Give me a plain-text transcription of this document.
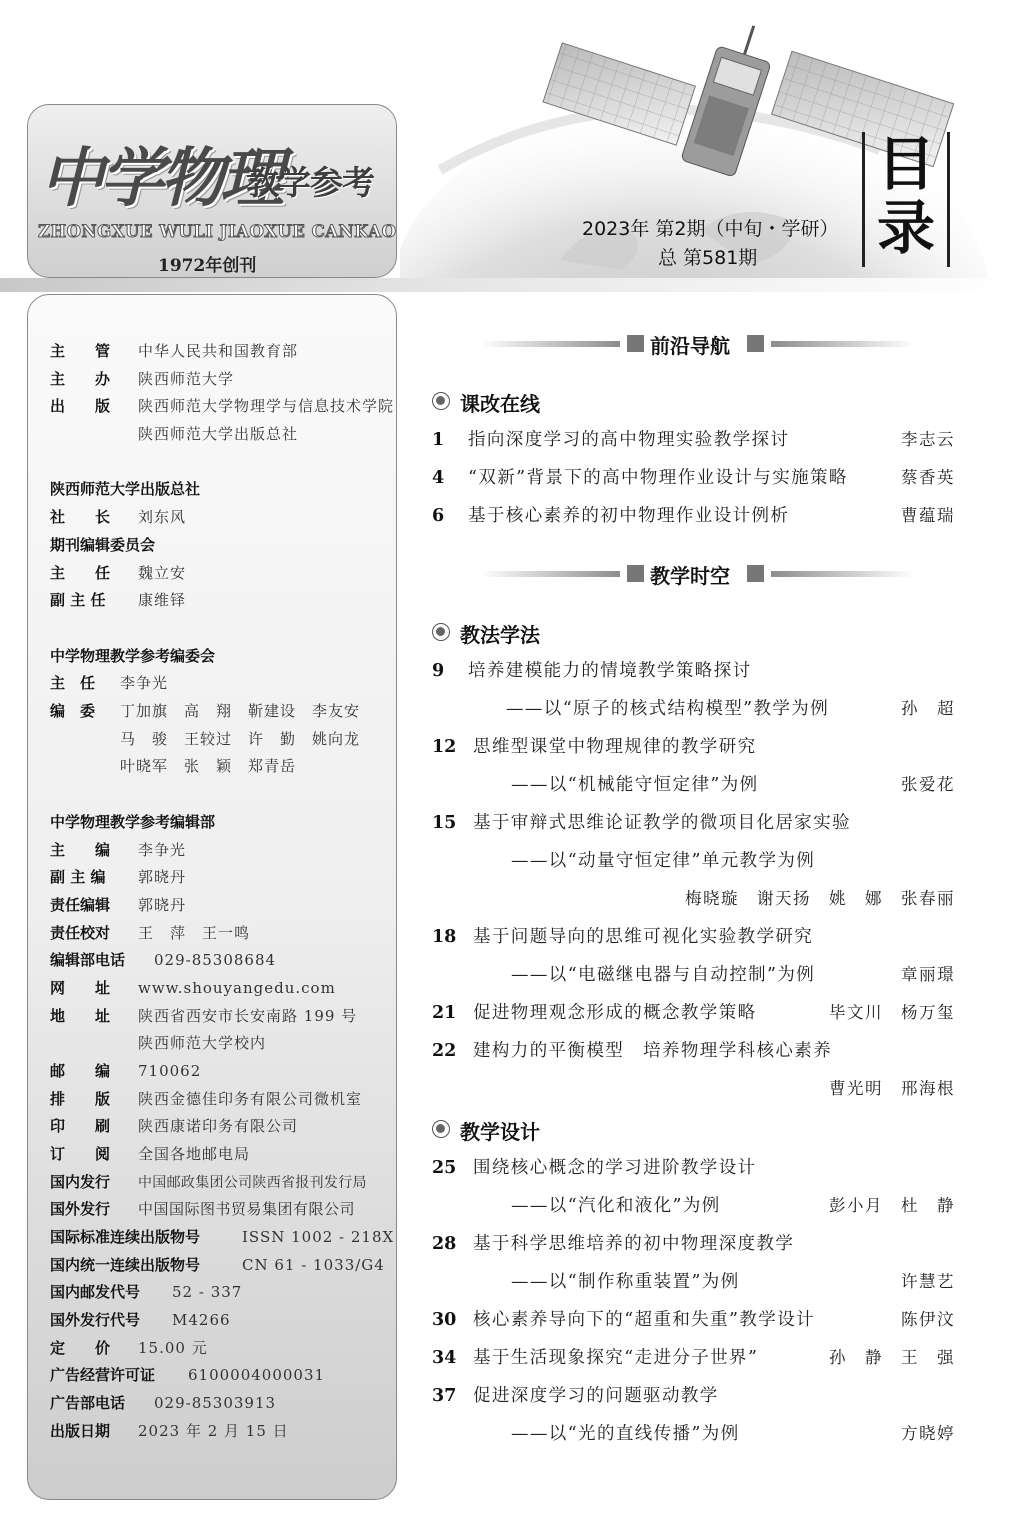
中学物理
教学参考
ZHONGXUE WULI JIAOXUE CANKAO
1972年创刊
2023年 第2期（中旬・学研）
总 第581期
目
录
主　　管 中华人民共和国教育部
主　　办 陕西师范大学
出　　版 陕西师范大学物理学与信息技术学院
陕西师范大学出版总社
陕西师范大学出版总社
社　　长 刘东风
期刊编辑委员会
主　　任 魏立安
副 主 任 康维铎
中学物理教学参考编委会
主　任 李争光
编　委 丁加旗　高　翔　靳建设　李友安
马　骏　王较过　许　勤　姚向龙
叶晓军　张　颖　郑青岳
中学物理教学参考编辑部
主　　编 李争光
副 主 编 郭晓丹
责任编辑 郭晓丹
责任校对 王　萍　王一鸣
编辑部电话 029-85308684
网　　址 www.shouyangedu.com
地　　址 陕西省西安市长安南路 199 号
陕西师范大学校内
邮　　编 710062
排　　版 陕西金德佳印务有限公司微机室
印　　刷 陕西康诺印务有限公司
订　　阅 全国各地邮电局
国内发行 中国邮政集团公司陕西省报刊发行局
国外发行 中国国际图书贸易集团有限公司
国际标准连续出版物号	ISSN 1002 - 218X
国内统一连续出版物号	CN 61 - 1033/G4
国内邮发代号 52 - 337
国外发行代号 M4266
定　　价 15.00 元
广告经营许可证 6100004000031
广告部电话 029-85303913
出版日期 2023 年 2 月 15 日
前沿导航
课改在线
1 指向深度学习的高中物理实验教学探讨	李志云
4 “双新”背景下的高中物理作业设计与实施策略	蔡香英
6 基于核心素养的初中物理作业设计例析	曹蕴瑞
教学时空
教法学法
9 培养建模能力的情境教学策略探讨
——以“原子的核式结构模型”教学为例	孙　超
12 思维型课堂中物理规律的教学研究
——以“机械能守恒定律”为例	张爱花
15 基于审辩式思维论证教学的微项目化居家实验
——以“动量守恒定律”单元教学为例
梅晓璇　谢天扬　姚　娜　张春丽
18 基于问题导向的思维可视化实验教学研究
——以“电磁继电器与自动控制”为例	章丽璟
21 促进物理观念形成的概念教学策略	毕文川　杨万玺
22 建构力的平衡模型　培养物理学科核心素养
曹光明　邢海根
教学设计
25 围绕核心概念的学习进阶教学设计
——以“汽化和液化”为例	彭小月　杜　静
28 基于科学思维培养的初中物理深度教学
——以“制作称重装置”为例	许慧艺
30 核心素养导向下的“超重和失重”教学设计	陈伊汶
34 基于生活现象探究“走进分子世界”	孙　静　王　强
37 促进深度学习的问题驱动教学
——以“光的直线传播”为例	方晓婷
